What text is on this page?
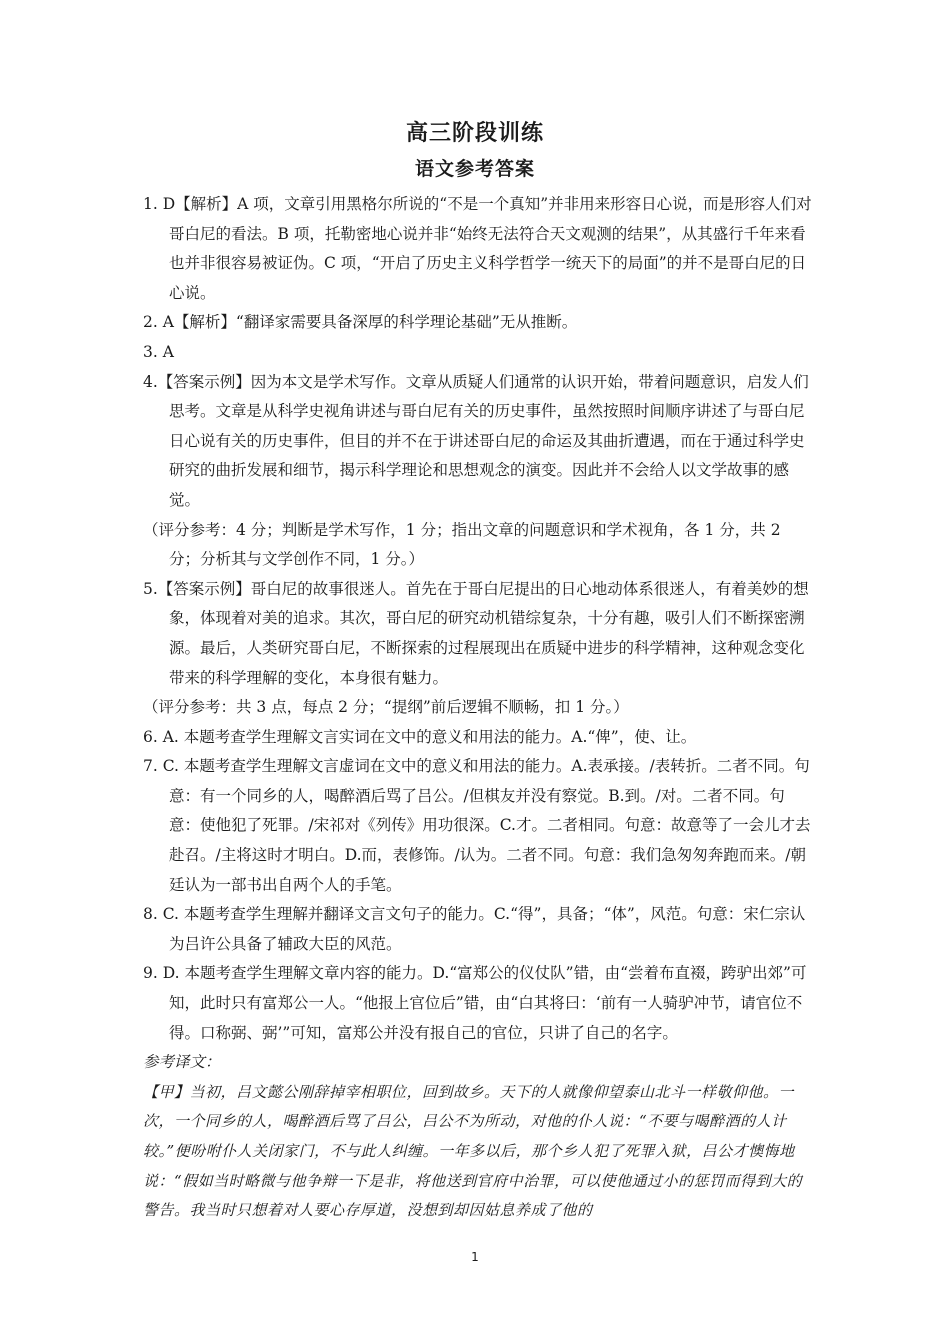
高三阶段训练
语文参考答案

1. D【解析】A 项，文章引用黑格尔所说的“不是一个真知”并非用来形容日心说，而是形容人们对哥白尼的看法。B 项，托勒密地心说并非“始终无法符合天文观测的结果”，从其盛行千年来看也并非很容易被证伪。C 项，“开启了历史主义科学哲学一统天下的局面”的并不是哥白尼的日心说。

2. A【解析】“翻译家需要具备深厚的科学理论基础”无从推断。

3. A

4.【答案示例】因为本文是学术写作。文章从质疑人们通常的认识开始，带着问题意识，启发人们思考。文章是从科学史视角讲述与哥白尼有关的历史事件，虽然按照时间顺序讲述了与哥白尼日心说有关的历史事件，但目的并不在于讲述哥白尼的命运及其曲折遭遇，而在于通过科学史研究的曲折发展和细节，揭示科学理论和思想观念的演变。因此并不会给人以文学故事的感觉。

（评分参考：4 分；判断是学术写作，1 分；指出文章的问题意识和学术视角，各 1 分，共 2 分；分析其与文学创作不同，1 分。）

5.【答案示例】哥白尼的故事很迷人。首先在于哥白尼提出的日心地动体系很迷人，有着美妙的想象，体现着对美的追求。其次，哥白尼的研究动机错综复杂，十分有趣，吸引人们不断探密溯源。最后，人类研究哥白尼，不断探索的过程展现出在质疑中进步的科学精神，这种观念变化带来的科学理解的变化，本身很有魅力。

（评分参考：共 3 点，每点 2 分；“提纲”前后逻辑不顺畅，扣 1 分。）

6. A. 本题考查学生理解文言实词在文中的意义和用法的能力。A.“俾”，使、让。

7. C. 本题考查学生理解文言虚词在文中的意义和用法的能力。A.表承接。/表转折。二者不同。句意：有一个同乡的人，喝醉酒后骂了吕公。/但棋友并没有察觉。B.到。/对。二者不同。句意：使他犯了死罪。/宋祁对《列传》用功很深。C.才。二者相同。句意：故意等了一会儿才去赴召。/主将这时才明白。D.而，表修饰。/认为。二者不同。句意：我们急匆匆奔跑而来。/朝廷认为一部书出自两个人的手笔。

8. C. 本题考查学生理解并翻译文言文句子的能力。C.“得”，具备；“体”，风范。句意：宋仁宗认为吕许公具备了辅政大臣的风范。

9. D. 本题考查学生理解文章内容的能力。D.“富郑公的仪仗队”错，由“尝着布直裰，跨驴出郊”可知，此时只有富郑公一人。“他报上官位后”错，由“白其将曰：‘前有一人骑驴冲节，请官位不得。口称弼、弼’”可知，富郑公并没有报自己的官位，只讲了自己的名字。

参考译文：

【甲】当初，吕文懿公刚辞掉宰相职位，回到故乡。天下的人就像仰望泰山北斗一样敬仰他。一次，一个同乡的人，喝醉酒后骂了吕公，吕公不为所动，对他的仆人说：“不要与喝醉酒的人计较。”便吩咐仆人关闭家门，不与此人纠缠。一年多以后，那个乡人犯了死罪入狱，吕公才懊悔地说：“假如当时略微与他争辩一下是非，将他送到官府中治罪，可以使他通过小的惩罚而得到大的警告。我当时只想着对人要心存厚道，没想到却因姑息养成了他的

1
